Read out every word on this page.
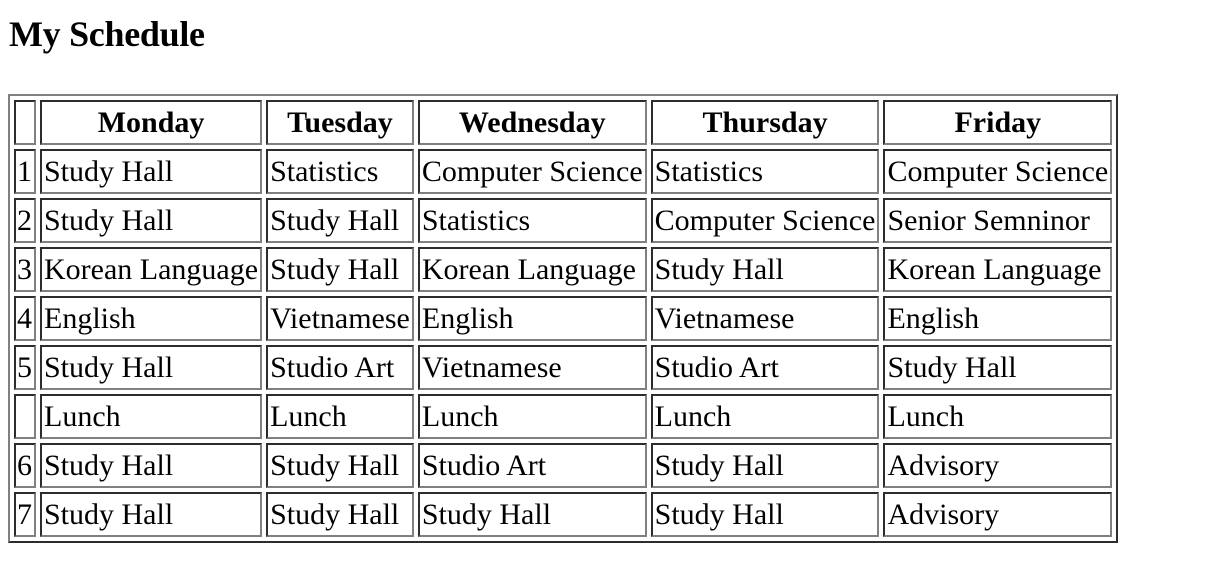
My Schedule
	Monday	Tuesday	Wednesday	Thursday	Friday
1	Study Hall	Statistics	Computer Science	Statistics	Computer Science
2	Study Hall	Study Hall	Statistics	Computer Science	Senior Semninor
3	Korean Language	Study Hall	Korean Language	Study Hall	Korean Language
4	English	Vietnamese	English	Vietnamese	English
5	Study Hall	Studio Art	Vietnamese	Studio Art	Study Hall
	Lunch	Lunch	Lunch	Lunch	Lunch
6	Study Hall	Study Hall	Studio Art	Study Hall	Advisory
7	Study Hall	Study Hall	Study Hall	Study Hall	Advisory
